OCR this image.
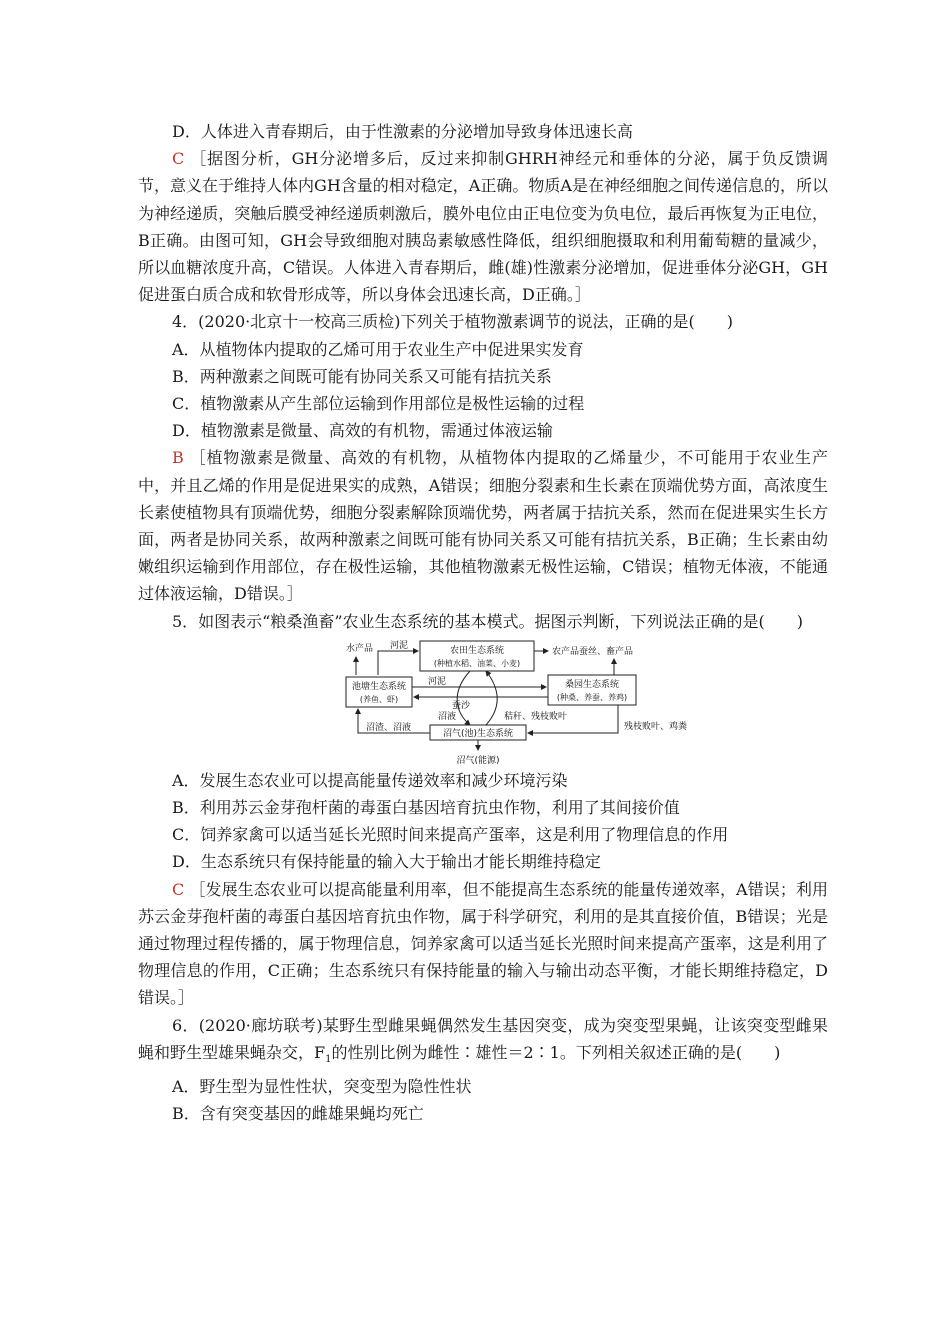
D．人体进入青春期后，由于性激素的分泌增加导致身体迅速长高
C ［据图分析，GH分泌增多后，反过来抑制GHRH神经元和垂体的分泌，属于负反馈调节，意义在于维持人体内GH含量的相对稳定，A正确。物质A是在神经细胞之间传递信息的，所以为神经递质，突触后膜受神经递质刺激后，膜外电位由正电位变为负电位，最后再恢复为正电位，B正确。由图可知，GH会导致细胞对胰岛素敏感性降低，组织细胞摄取和利用葡萄糖的量减少，所以血糖浓度升高，C错误。人体进入青春期后，雌(雄)性激素分泌增加，促进垂体分泌GH，GH促进蛋白质合成和软骨形成等，所以身体会迅速长高，D正确。］
4．(2020·北京十一校高三质检)下列关于植物激素调节的说法，正确的是(　　)
A．从植物体内提取的乙烯可用于农业生产中促进果实发育
B．两种激素之间既可能有协同关系又可能有拮抗关系
C．植物激素从产生部位运输到作用部位是极性运输的过程
D．植物激素是微量、高效的有机物，需通过体液运输
B ［植物激素是微量、高效的有机物，从植物体内提取的乙烯量少，不可能用于农业生产中，并且乙烯的作用是促进果实的成熟，A错误；细胞分裂素和生长素在顶端优势方面，高浓度生长素使植物具有顶端优势，细胞分裂素解除顶端优势，两者属于拮抗关系，然而在促进果实生长方面，两者是协同关系，故两种激素之间既可能有协同关系又可能有拮抗关系，B正确；生长素由幼嫩组织运输到作用部位，存在极性运输，其他植物激素无极性运输，C错误；植物无体液，不能通过体液运输，D错误。］
5．如图表示“粮桑渔畜”农业生态系统的基本模式。据图示判断，下列说法正确的是(　　)
水产品	农田生态系统
(种植水稻、油菜、小麦)
河泥
农产品蚕丝、畜产品
池塘生态系统
(养鱼、虾)
桑园生态系统
(种桑、养蚕、养鸡)
河泥
蚕沙
沼气(池)生态系统
沼液	秸秆、残枝败叶
残枝败叶、鸡粪
沼渣、沼液
沼气(能源)
A．发展生态农业可以提高能量传递效率和减少环境污染
B．利用苏云金芽孢杆菌的毒蛋白基因培育抗虫作物，利用了其间接价值
C．饲养家禽可以适当延长光照时间来提高产蛋率，这是利用了物理信息的作用
D．生态系统只有保持能量的输入大于输出才能长期维持稳定
C ［发展生态农业可以提高能量利用率，但不能提高生态系统的能量传递效率，A错误；利用苏云金芽孢杆菌的毒蛋白基因培育抗虫作物，属于科学研究，利用的是其直接价值，B错误；光是通过物理过程传播的，属于物理信息，饲养家禽可以适当延长光照时间来提高产蛋率，这是利用了物理信息的作用，C正确；生态系统只有保持能量的输入与输出动态平衡，才能长期维持稳定，D错误。］
6．(2020·廊坊联考)某野生型雌果蝇偶然发生基因突变，成为突变型果蝇，让该突变型雌果蝇和野生型雄果蝇杂交，$F_1$的性别比例为雌性∶雄性＝2∶1。下列相关叙述正确的是(　　)
A．野生型为显性性状，突变型为隐性性状
B．含有突变基因的雌雄果蝇均死亡
